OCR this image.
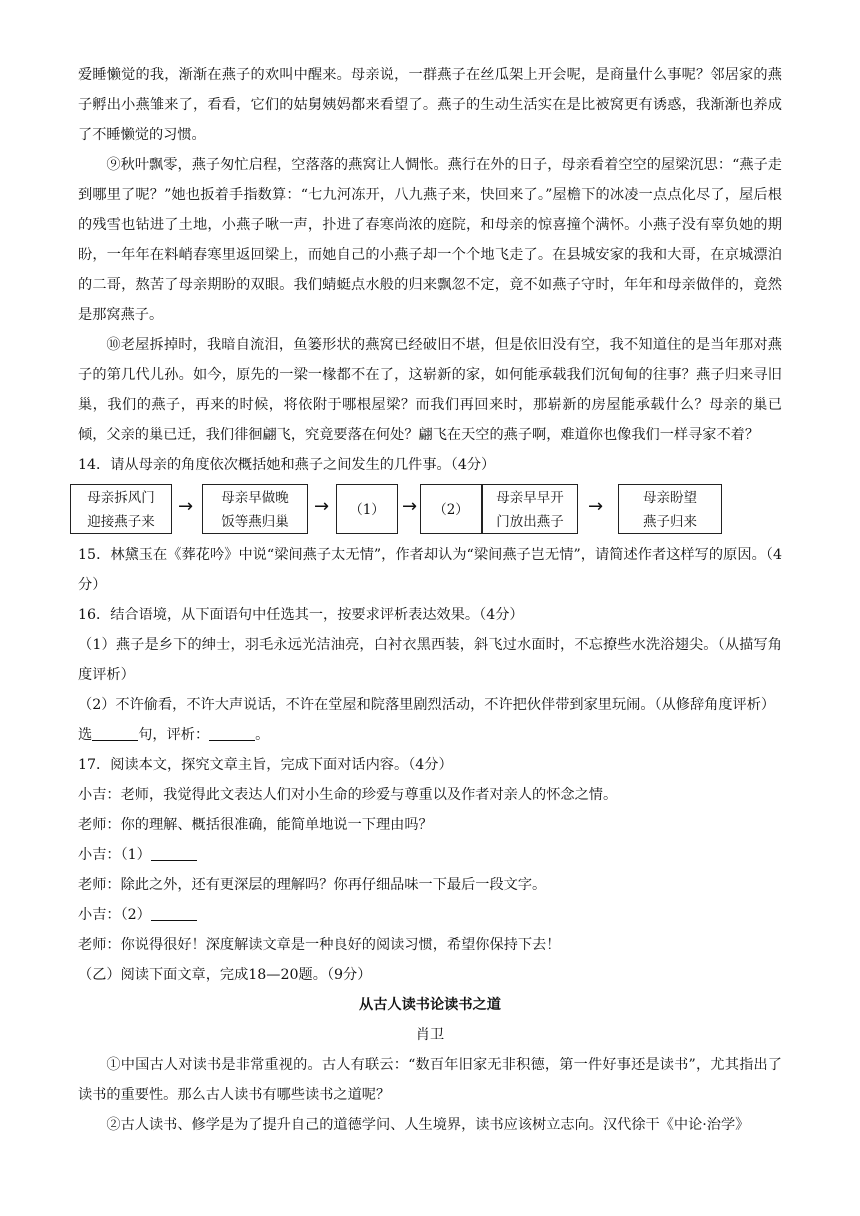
爱睡懒觉的我，渐渐在燕子的欢叫中醒来。母亲说，一群燕子在丝瓜架上开会呢，是商量什么事呢？邻居家的燕子孵出小燕雏来了，看看，它们的姑舅姨妈都来看望了。燕子的生动生活实在是比被窝更有诱惑，我渐渐也养成了不睡懒觉的习惯。

⑨秋叶飘零，燕子匆忙启程，空落落的燕窝让人惆怅。燕行在外的日子，母亲看着空空的屋梁沉思：“燕子走到哪里了呢？”她也扳着手指数算：“七九河冻开，八九燕子来，快回来了。”屋檐下的冰凌一点点化尽了，屋后根的残雪也钻进了土地，小燕子啾一声，扑进了春寒尚浓的庭院，和母亲的惊喜撞个满怀。小燕子没有辜负她的期盼，一年年在料峭春寒里返回梁上，而她自己的小燕子却一个个地飞走了。在县城安家的我和大哥，在京城漂泊的二哥，熬苦了母亲期盼的双眼。我们蜻蜓点水般的归来飘忽不定，竟不如燕子守时，年年和母亲做伴的，竟然是那窝燕子。

⑩老屋拆掉时，我暗自流泪，鱼篓形状的燕窝已经破旧不堪，但是依旧没有空，我不知道住的是当年那对燕子的第几代儿孙。如今，原先的一梁一椽都不在了，这崭新的家，如何能承载我们沉甸甸的往事？燕子归来寻旧巢，我们的燕子，再来的时候，将依附于哪根屋梁？而我们再回来时，那崭新的房屋能承载什么？母亲的巢已倾，父亲的巢已迁，我们徘徊翩飞，究竟要落在何处？翩飞在天空的燕子啊，难道你也像我们一样寻家不着？

14．请从母亲的角度依次概括她和燕子之间发生的几件事。（4分）

母亲拆风门
迎接燕子来
→	母亲早做晚
饭等燕归巢
→	（1） →	（2）
母亲早早开
门放出燕子
→	母亲盼望
燕子归来

15．林黛玉在《葬花吟》中说“梁间燕子太无情”，作者却认为“梁间燕子岂无情”，请简述作者这样写的原因。（4分）

16．结合语境，从下面语句中任选其一，按要求评析表达效果。（4分）

（1）燕子是乡下的绅士，羽毛永远光洁油亮，白衬衣黑西装，斜飞过水面时，不忘撩些水洗浴翅尖。（从描写角度评析）

（2）不许偷看，不许大声说话，不许在堂屋和院落里剧烈活动，不许把伙伴带到家里玩闹。（从修辞角度评析）

选	句，评析：	。

17．阅读本文，探究文章主旨，完成下面对话内容。（4分）

小吉：老师，我觉得此文表达人们对小生命的珍爱与尊重以及作者对亲人的怀念之情。

老师：你的理解、概括很准确，能简单地说一下理由吗？

小吉：（1）

老师：除此之外，还有更深层的理解吗？你再仔细品味一下最后一段文字。

小吉：（2）

老师：你说得很好！深度解读文章是一种良好的阅读习惯，希望你保持下去！

（乙）阅读下面文章，完成18—20题。（9分）

从古人读书论读书之道

肖卫

①中国古人对读书是非常重视的。古人有联云：“数百年旧家无非积德，第一件好事还是读书”，尤其指出了读书的重要性。那么古人读书有哪些读书之道呢？

②古人读书、修学是为了提升自己的道德学问、人生境界，读书应该树立志向。汉代徐干《中论·治学》
